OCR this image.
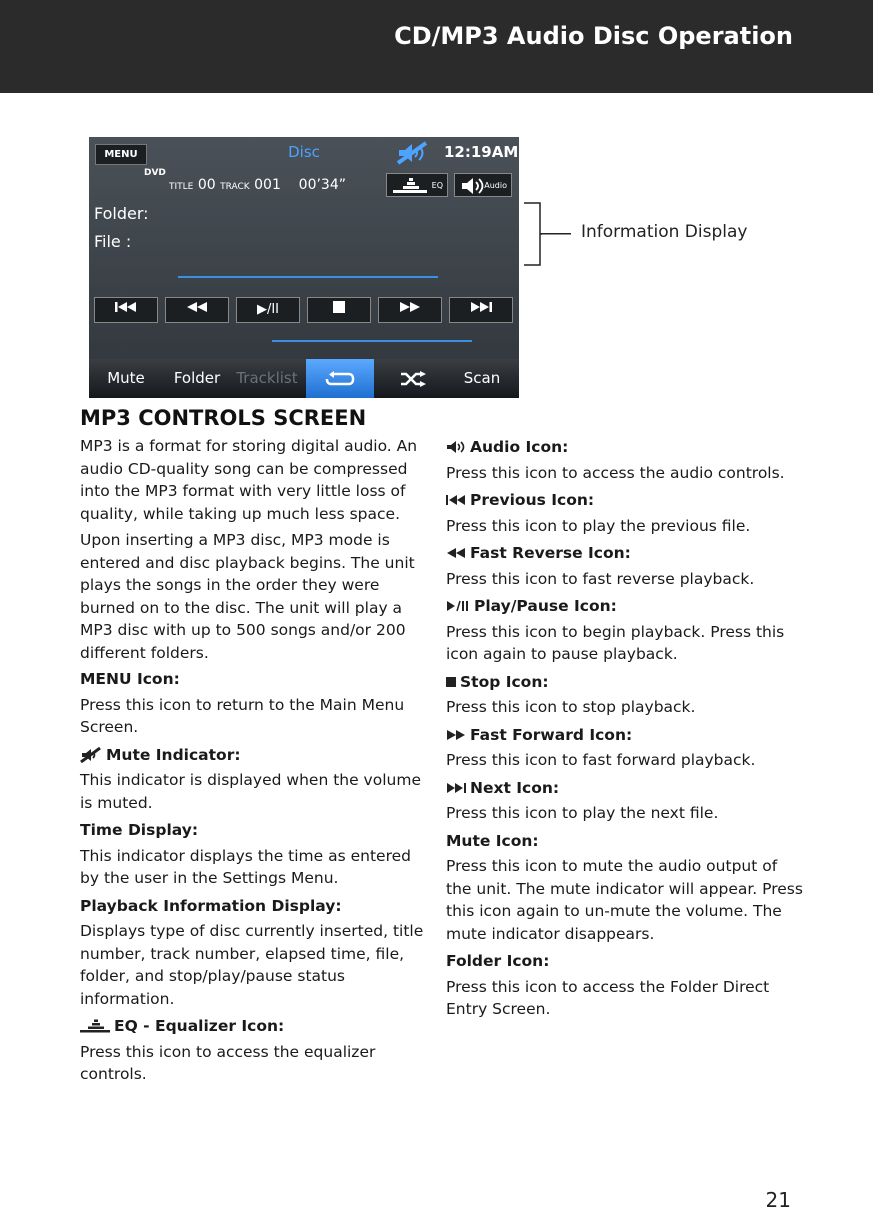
CD/MP3 Audio Disc Operation
MENU	Disc	12:19AM
DVD
TITLE 00 TRACK 001 00’34”	EQ	Audio
Folder:
File :
▶/II
Mute	Folder	Tracklist	Scan
Information Display
MP3 CONTROLS SCREEN

MP3 is a format for storing digital audio. An audio CD-quality song can be compressed into the MP3 format with very little loss of quality, while taking up much less space.

Upon inserting a MP3 disc, MP3 mode is entered and disc playback begins. The unit plays the songs in the order they were burned on to the disc. The unit will play a MP3 disc with up to 500 songs and/or 200 different folders.

MENU Icon:

Press this icon to return to the Main Menu Screen.

Mute Indicator:

This indicator is displayed when the volume is muted.

Time Display:

This indicator displays the time as entered by the user in the Settings Menu.

Playback Information Display:

Displays type of disc currently inserted, title number, track number, elapsed time, file, folder, and stop/play/pause status information.

EQ - Equalizer Icon:

Press this icon to access the equalizer controls.

Audio Icon:

Press this icon to access the audio controls.

Previous Icon:

Press this icon to play the previous file.

Fast Reverse Icon:

Press this icon to fast reverse playback.

Play/Pause Icon:

Press this icon to begin playback. Press this icon again to pause playback.

Stop Icon:

Press this icon to stop playback.

Fast Forward Icon:

Press this icon to fast forward playback.

Next Icon:

Press this icon to play the next file.

Mute Icon:

Press this icon to mute the audio output of the unit. The mute indicator will appear. Press this icon again to un-mute the volume. The mute indicator disappears.

Folder Icon:

Press this icon to access the Folder Direct Entry Screen.

21
